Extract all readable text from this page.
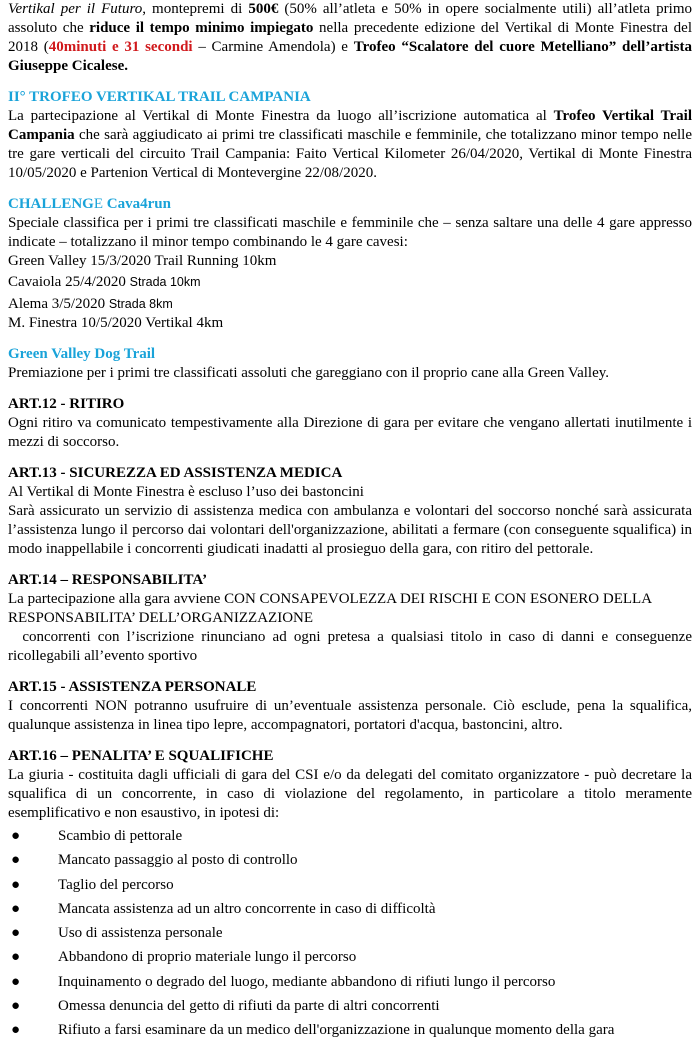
Vertikal per il Futuro, montepremi di 500€ (50% all’atleta e 50% in opere socialmente utili) all’atleta primo assoluto che riduce il tempo minimo impiegato nella precedente edizione del Vertikal di Monte Finestra del 2018 (40minuti e 31 secondi – Carmine Amendola) e Trofeo “Scalatore del cuore Metelliano” dell’artista Giuseppe Cicalese.

II° TROFEO VERTIKAL TRAIL CAMPANIA

La partecipazione al Vertikal di Monte Finestra da luogo all’iscrizione automatica al Trofeo Vertikal Trail Campania che sarà aggiudicato ai primi tre classificati maschile e femminile, che totalizzano minor tempo nelle tre gare verticali del circuito Trail Campania: Faito Vertical Kilometer 26/04/2020, Vertikal di Monte Finestra 10/05/2020 e Partenion Vertical di Montevergine 22/08/2020.

CHALLENGE Cava4run

Speciale classifica per i primi tre classificati maschile e femminile che – senza saltare una delle 4 gare appresso indicate – totalizzano il minor tempo combinando le 4 gare cavesi:

Green Valley 15/3/2020 Trail Running 10km
Cavaiola 25/4/2020 Strada 10km
Alema 3/5/2020 Strada 8km
M. Finestra 10/5/2020 Vertikal 4km
Green Valley Dog Trail

Premiazione per i primi tre classificati assoluti che gareggiano con il proprio cane alla Green Valley.

ART.12 - RITIRO

Ogni ritiro va comunicato tempestivamente alla Direzione di gara per evitare che vengano allertati inutilmente i mezzi di soccorso.

ART.13 - SICUREZZA ED ASSISTENZA MEDICA

Al Vertikal di Monte Finestra è escluso l’uso dei bastoncini

Sarà assicurato un servizio di assistenza medica con ambulanza e volontari del soccorso nonché sarà assicurata l’assistenza lungo il percorso dai volontari dell'organizzazione, abilitati a fermare (con conseguente squalifica) in modo inappellabile i concorrenti giudicati inadatti al prosieguo della gara, con ritiro del pettorale.

ART.14 – RESPONSABILITA’

La partecipazione alla gara avviene CON CONSAPEVOLEZZA DEI RISCHI E CON ESONERO DELLA RESPONSABILITA’ DELL’ORGANIZZAZIONE

concorrenti con l’iscrizione rinunciano ad ogni pretesa a qualsiasi titolo in caso di danni e conseguenze ricollegabili all’evento sportivo

ART.15 - ASSISTENZA PERSONALE

I concorrenti NON potranno usufruire di un’eventuale assistenza personale. Ciò esclude, pena la squalifica, qualunque assistenza in linea tipo lepre, accompagnatori, portatori d'acqua, bastoncini, altro.

ART.16 – PENALITA’ E SQUALIFICHE

La giuria - costituita dagli ufficiali di gara del CSI e/o da delegati del comitato organizzatore - può decretare la squalifica di un concorrente, in caso di violazione del regolamento, in particolare a titolo meramente esemplificativo e non esaustivo, in ipotesi di:

●	Scambio di pettorale
●	Mancato passaggio al posto di controllo
●	Taglio del percorso
●	Mancata assistenza ad un altro concorrente in caso di difficoltà
●	Uso di assistenza personale
●	Abbandono di proprio materiale lungo il percorso
●	Inquinamento o degrado del luogo, mediante abbandono di rifiuti lungo il percorso
●	Omessa denuncia del getto di rifiuti da parte di altri concorrenti
●	Rifiuto a farsi esaminare da un medico dell'organizzazione in qualunque momento della gara
